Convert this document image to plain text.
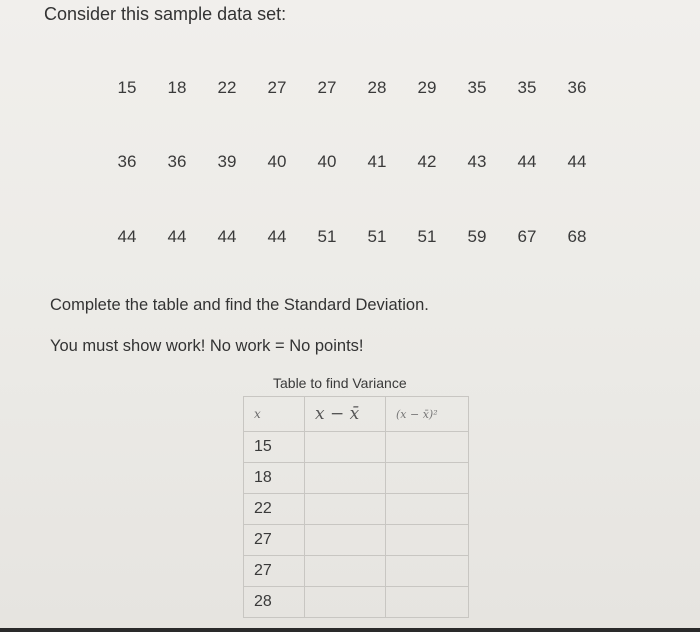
Consider this sample data set:
15	18	22	27	27	28	29	35	35	36
36	36	39	40	40	41	42	43	44	44
44	44	44	44	51	51	51	59	67	68
Complete the table and find the Standard Deviation.
You must show work! No work = No points!
Table to find Variance
x	x − x̄	(x − x̄)²
15		
18		
22		
27		
27		
28		
